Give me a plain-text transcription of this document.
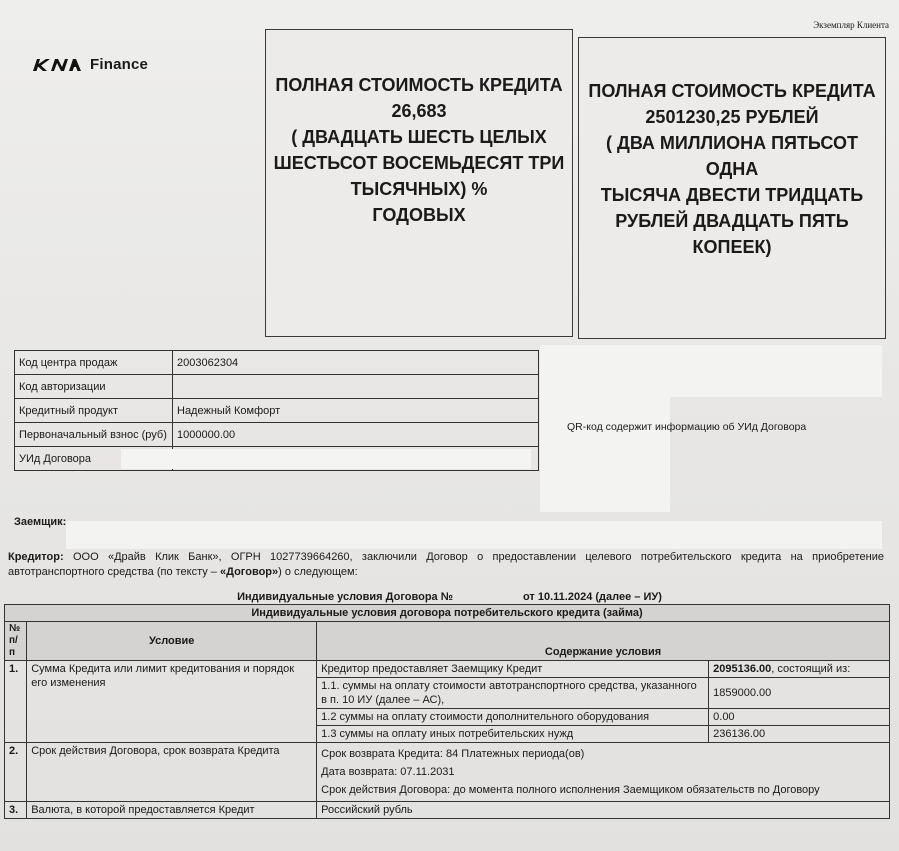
Экземпляр Клиента
Finance
ПОЛНАЯ СТОИМОСТЬ КРЕДИТА
26,683
( ДВАДЦАТЬ ШЕСТЬ ЦЕЛЫХ
ШЕСТЬСОТ ВОСЕМЬДЕСЯТ ТРИ
ТЫСЯЧНЫХ) %
ГОДОВЫХ
ПОЛНАЯ СТОИМОСТЬ КРЕДИТА
2501230,25 РУБЛЕЙ
( ДВА МИЛЛИОНА ПЯТЬСОТ ОДНА
ТЫСЯЧА ДВЕСТИ ТРИДЦАТЬ
РУБЛЕЙ ДВАДЦАТЬ ПЯТЬ
КОПЕЕК)
QR-код содержит информацию об УИд Договора
Код центра продаж	2003062304
Код авторизации	
Кредитный продукт	Надежный Комфорт
Первоначальный взнос (руб)	1000000.00
УИд Договора	
Заемщик:
Кредитор: ООО «Драйв Клик Банк», ОГРН 1027739664260, заключили Договор о предоставлении целевого потребительского кредита на приобретение автотранспортного средства (по тексту – «Договор») о следующем:
Индивидуальные условия Договора №	от 10.11.2024 (далее – ИУ)
Индивидуальные условия договора потребительского кредита (займа)			
№ п/п	Условие	Содержание условия	
1.	Сумма Кредита или лимит кредитования и порядок его изменения	Кредитор предоставляет Заемщику Кредит	2095136.00, состоящий из:
		1.1. суммы на оплату стоимости автотранспортного средства, указанного в п. 10 ИУ (далее – АС),	1859000.00
		1.2 суммы на оплату стоимости дополнительного оборудования	0.00
		1.3 суммы на оплату иных потребительских нужд	236136.00
2.	Срок действия Договора, срок возврата Кредита	Срок возврата Кредита: 84 Платежных периода(ов)
Дата возврата: 07.11.2031
Срок действия Договора: до момента полного исполнения Заемщиком обязательств по Договору	

3.	Валюта, в которой предоставляется Кредит	Российский рубль	
